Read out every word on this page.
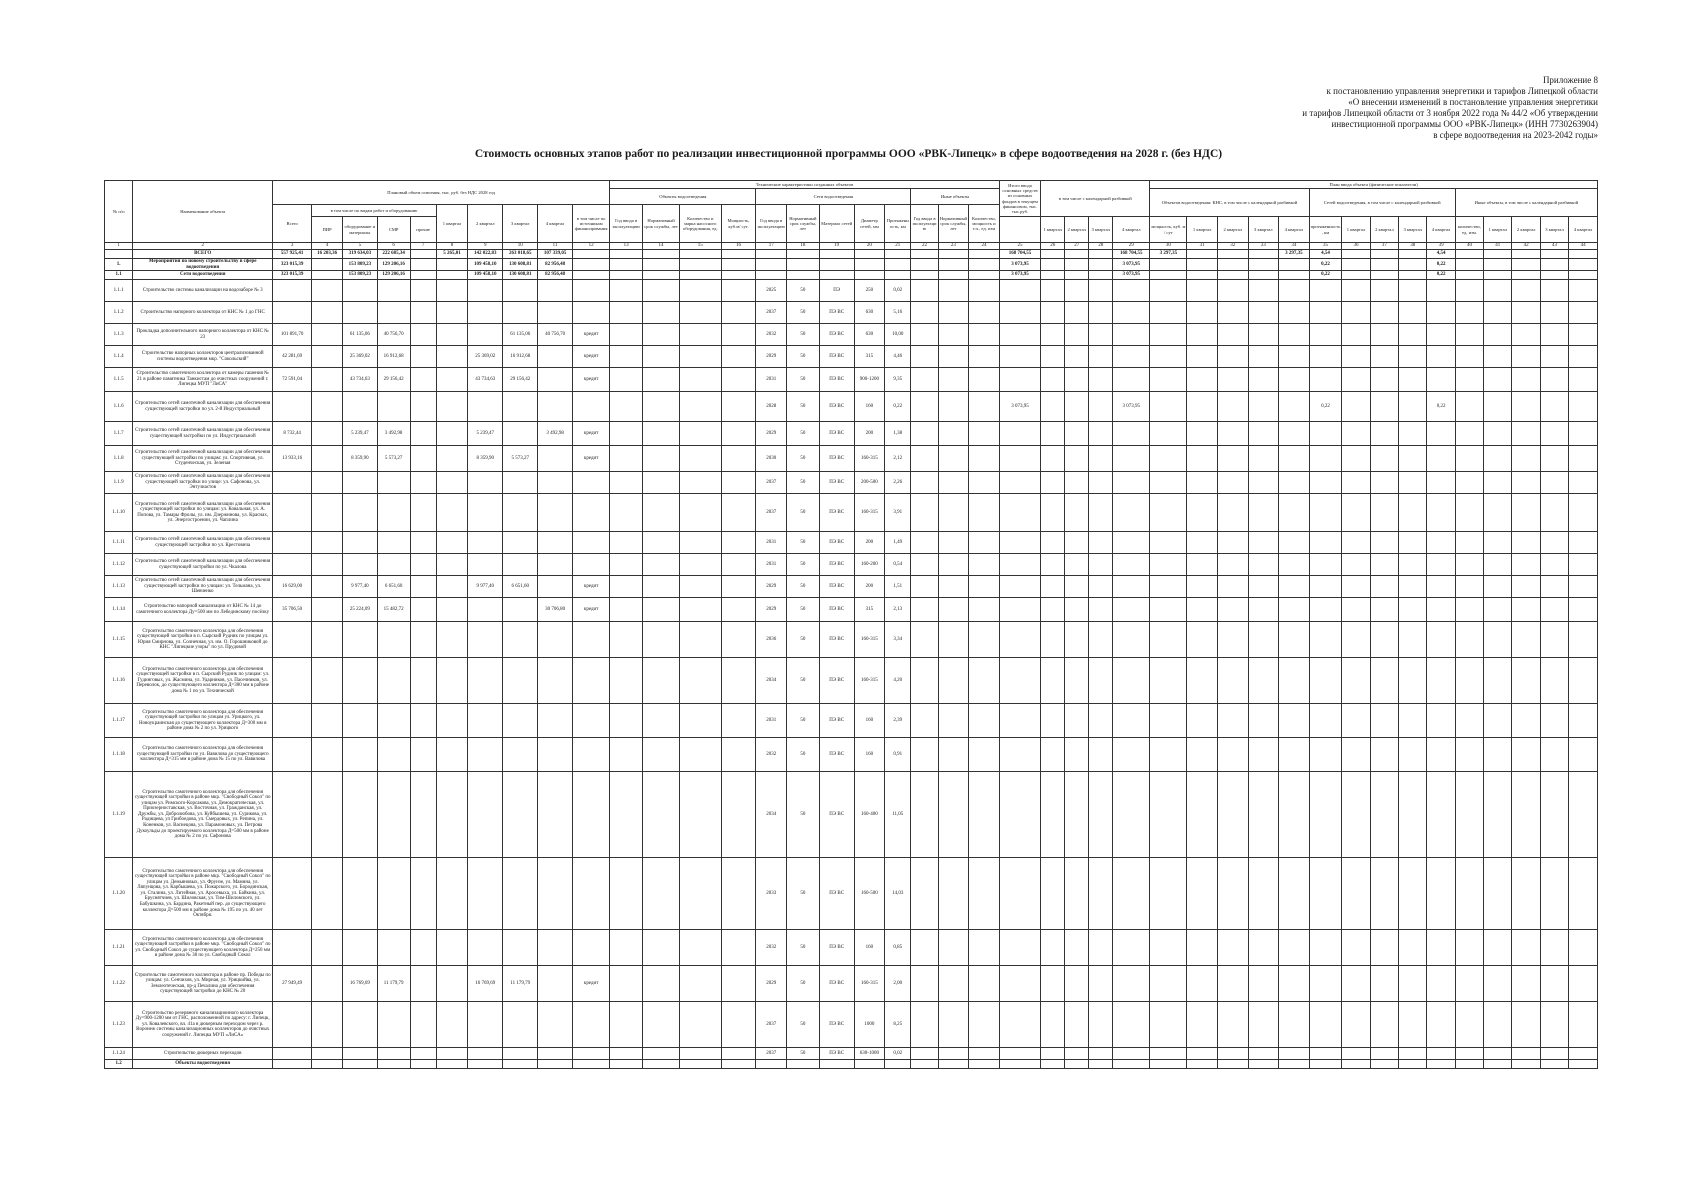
Приложение 8
к постановлению управления энергетики и тарифов Липецкой области
«О внесении изменений в постановление управления энергетики
и тарифов Липецкой области от 3 ноября 2022 года № 44/2 «Об утверждении
инвестиционной программы ООО «РВК-Липецк» (ИНН 7730263904)
в сфере водоотведения на 2023-2042 годы»
Стоимость основных этапов работ по реализации инвестиционной программы ООО «РВК-Липецк» в сфере водоотведения на 2028 г. (без НДС)
№ п/п	Наименование объекта	Плановый объем освоения, тыс. руб. без НДС 2028 год										Технические характеристики созданных объектов												Итого ввода основных средств из основных фондов в текущем финансовом, тыс. тыс.руб.	в том числе с календарной разбивкой				План ввода объекта (физические показатели)														
												Объекты водоотведения				Сети водоотведения					Иные объекты								Объектов водоотведения: КНС, в том числе с календарной разбивкой					Сетей водоотведения, в том числе с календарной разбивкой					Иные объекты, в том числе с календарной разбивкой				
		Всего	в том числе по видам работ и оборудованию				1 квартал	2 квартал	3 квартал	4 квартал	в том числе по источникам финансирования	Год ввода в эксплуатацию	Нормативный срок службы, лет	Количество и марка насосного оборудования, ед.	Мощность, куб.м/ сут.	Год ввода в эксплуатацию	Нормативный срок службы, лет	Материал сетей	Диаметр сетей, мм	Протяженность, км	Год ввода в эксплуатацию	Нормативный срок службы, лет	Количество, мощность и т.п., ед. изм																				
			ПИР	оборудование и материалы	СМР	прочие																			1 квартал	2 квартал	3 квартал	4 квартал	мощность, куб. м / сут	1 квартал	2 квартал	3 квартал	4 квартал	протяженность, км	1 квартал	2 квартал	3 квартал	4 квартал	количество, ед. изм.	1 квартал	2 квартал	3 квартал	4 квартал
1	2	3	4	5	6	7	8	9	10	11	12	13	14	15	16	17	18	19	20	21	22	23	24	25	26	27	28	29	30	31	32	33	34	35	36	37	38	39	40	41	42	43	44
	ВСЕГО	557 925,41	16 203,36	319 634,03	222 685,34		5 265,01	142 022,83	263 018,65	107 339,05														168 704,55				168 704,55	3 297,35				3 297,35	4,54				4,54					
1.	Мероприятия по новому строительству в сфере водоотведения	323 015,39		153 809,23	129 206,16			109 458,10	130 608,81	82 956,48														3 073,95				3 073,95						0,22				0,22					
1.1	Сети водоотведения	323 015,39		153 809,23	129 206,16			109 458,10	130 608,81	82 956,48														3 073,95				3 073,95						0,22				0,22					
1.1.1	Строительство системы канализации на водозаборе № 3															2025	50	ПЭ	250	0,02																							
1.1.2	Строительство напорного коллектора от КНС № 1 до ГНС															2037	50	ПЭ ВС	630	5,16																							
1.1.3	Прокладка дополнительного напорного коллектора от КНС № 23	101 891,70		61 135,06	40 756,70				61 135,06	40 756,70	кредит					2032	50	ПЭ ВС	630	10,00																							
1.1.4	Строительство напорных коллекторов централизованной системы водоотведения мкр. "Сокольский"	42 281,69		25 369,02	16 912,68			25 369,02	16 912,68		кредит					2029	50	ПЭ ВС	315	4,46																							
1.1.5	Строительство самотечного коллектора от камеры гашения № 21 в районе памятника Танкистам до очистных сооружений г. Липецка МУП "ЛиСА"	72 591,04		43 734,63	29 156,42			43 734,63	29 156,42		кредит					2031	50	ПЭ ВС	900-1200	9,35																							
1.1.6	Строительство сетей самотечной канализации для обеспечения существующей застройки по ул. 2-й Индустриальный															2028	50	ПЭ ВС	160	0,22				3 073,95				3 073,95						0,22				0,22					
1.1.7	Строительство сетей самотечной канализации для обеспечения существующей застройки по ул. Индустриальной	8 732,44		5 239,47	3 492,98			5 239,47		3 492,98	кредит					2029	50	ПЭ ВС	200	1,38																							
1.1.8	Строительство сетей самотечной канализации для обеспечения существующей застройки по улицам: ул. Спортивная, ул. Студенческая, ул. Зеленая	13 933,16		8 359,90	5 573,27			8 359,90	5 573,27		кредит					2030	50	ПЭ ВС	160-315	2,12																							
1.1.9	Строительство сетей самотечной канализации для обеспечения существующей застройки по улице: ул. Сафонова, ул. Энтузиастов															2037	50	ПЭ ВС	200-500	2,26																							
1.1.10	Строительство сетей самотечной канализации для обеспечения существующей застройки по улицам: ул. Ковальная, ул. А. Попова, ул. Тамары Фролы, ул. им. Дзержинова, ул. Краснах, ул. Энергостроении, ул. Чаплина															2037	50	ПЭ ВС	160-315	3,91																							
1.1.11	Строительство сетей самотечной канализации для обеспечения существующей застройки по ул. Крестовича															2031	50	ПЭ ВС	200	1,49																							
1.1.12	Строительство сетей самотечной канализации для обеспечения существующей застройки по ул. Чкалова															2031	50	ПЭ ВС	160-200	0,54																							
1.1.13	Строительство сетей самотечной канализации для обеспечения существующей застройки по улицам: ул. Тельмана, ул. Шевченко	16 629,00		9 977,40	6 651,60			9 977,40	6 651,60		кредит					2029	50	ПЭ ВС	200	1,51																							
1.1.14	Строительство напорной канализации от КНС № 14 до самотечного коллектора Ду=500 мм по Лебединскому посёлку	35 706,50		25 224,09	15 482,72					30 706,80	кредит					2029	50	ПЭ ВС	315	2,13																							
1.1.15	Строительство самотечного коллектора для обеспечения существующей застройки в п. Сырский Рудник по улицам ул. Юрия Смирнова, ул. Солнечная, ул. им. О. Горошниковой до КНС "Липецкие узоры" по ул. Прудовой															2036	50	ПЭ ВС	160-315	3,34																							
1.1.16	Строительство самотечного коллектора для обеспечения существующей застройки в п. Сырский Рудник по улицам: ул. Гудинговых, ул. Жасмина, ул. Ударников, ул. Пасечников, ул. Переволок, до существующего коллектора Д=300 мм в районе дома № 1 по ул. Технической															2034	50	ПЭ ВС	160-315	4,20																							
1.1.17	Строительство самотечного коллектора для обеспечения существующей застройки по улицам ул. Урицкого, ул. Новоукраинская до существующего коллектора Д=300 мм в районе дома № 2 по ул. Урицкого															2031	50	ПЭ ВС	160	2,39																							
1.1.18	Строительство самотечного коллектора для обеспечения существующей застройки по ул. Вавилова до существующего коллектора Д=315 мм в районе дома № 15 по ул. Вавилова															2032	50	ПЭ ВС	160	0,91																							
1.1.19	Строительство самотечного коллектора для обеспечения существующей застройки в районе мкр. "Свободный Сокол" по улицам ул. Римского-Корсакова, ул. Демократическая, ул. Приозерноставская, ул. Восточная, ул. Гражданская, ул. Дружбы, ул. Добролюбова, ул. Куйбышева, ул. Сурикова, ул. Радищева, ул Грибоедова, ул. Смердовых, ул. Репина, ул. Коненков, ул. Васнецова, ул. Парамоновых, ул. Петрова Дукоульды до проектируемого коллектора Д=500 мм в районе дома № 2 по ул. Сафонова															2034	50	ПЭ ВС	160-400	11,05																							
1.1.20	Строительство самотечного коллектора для обеспечения существующей застройки в районе мкр. "Свободный Сокол" по улицам ул. Демьяновых, ул. Фрунзе, ул. Мамина, ул. Ляпунцова, ул. Карбышева, ул. Пожарского, ул. Бородинская, ул. Сталина, ул. Литейная, ул. Аросевыха, ул. Байкина, ул. Бруснятчиев, ул. Шиловская, ул. Тим-Шиловского, ул. Бабушкина, ул. Бардина, Ракетный пер. до существующего коллектора Д=500 мм в районе дома № 195 по ул. 40 лет Октября.															2033	50	ПЭ ВС	160-500	14,03																							
1.1.21	Строительство самотечного коллектора для обеспечения существующей застройки в районе мкр. "Свободный Сокол" по ул. Свободный Сокол до существующего коллектора Д=250 мм в районе дома № 38 по ул. Свободный Сокол															2032	50	ПЭ ВС	160	0,85																							
1.1.22	Строительство самотечного коллектора в районе пр. Победы по улицам: ул. Сенчихов, ул. Мирная, ул. Урицкийва, ул. Землеотеческая, пр-д Печалина для обеспечения существующей застройки до КНС № 20	27 949,49		16 769,69	11 179,79			16 769,69	11 179,79		кредит					2029	50	ПЭ ВС	160-315	2,00																							
1.1.23	Строительство резервного канализационного коллектора Ду=900-1200 мм от ГНС, расположенной по адресу: г. Липецк, ул. Ковалевского, вл. 41а в дюкерным переходом через р. Воронеж системы канализационных коллекторов до очистных сооружений г. Липецка МУП «ЛиСА»															2037	50	ПЭ ВС	1000	8,25																							
1.1.24	Строительство дюкерных переходов															2037	50	ПЭ ВС	630-1000	0,02																							
1.2	Объекты водоотведения																																										
